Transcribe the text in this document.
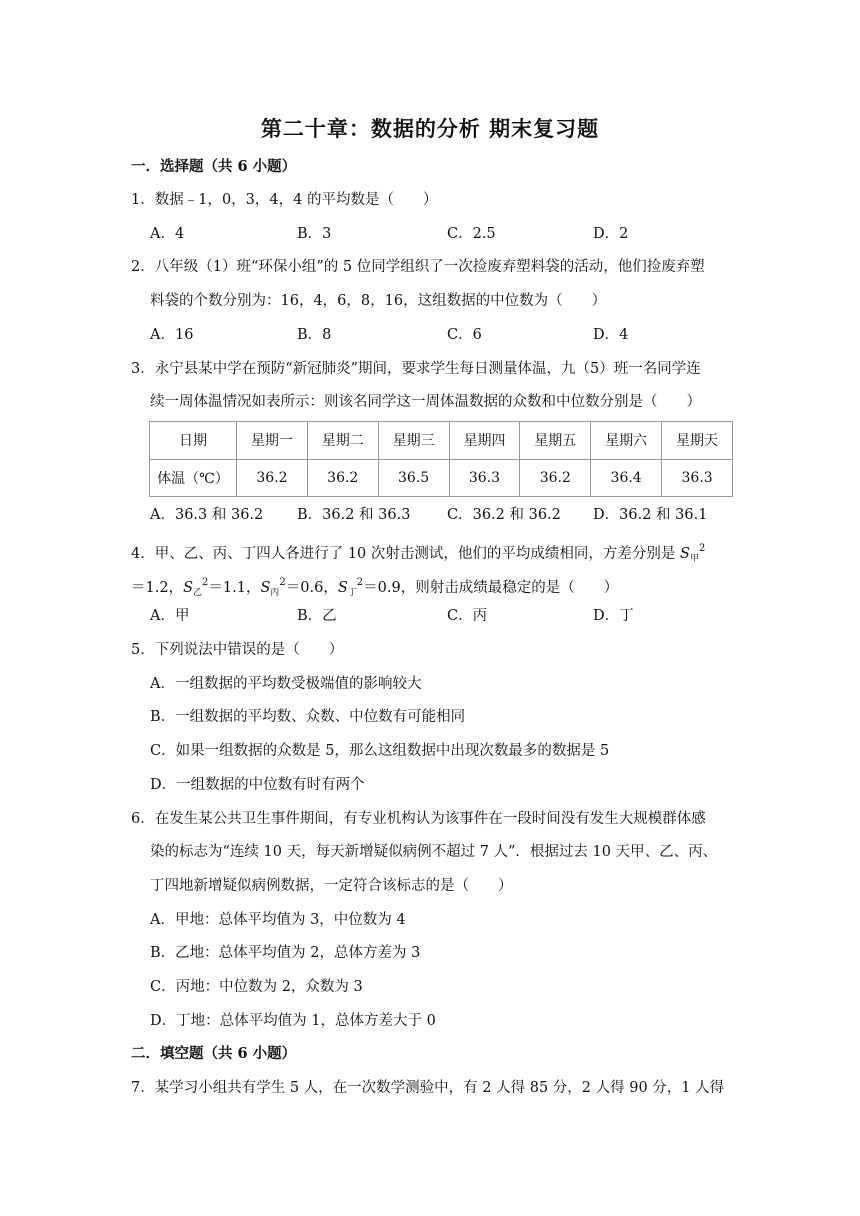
第二十章：数据的分析 期末复习题
一．选择题（共 6 小题）
1．数据﹣1，0，3，4，4 的平均数是（　　）
A．4	B．3	C．2.5	D．2
2．八年级（1）班“环保小组”的 5 位同学组织了一次捡废弃塑料袋的活动，他们捡废弃塑
料袋的个数分别为：16，4，6，8，16，这组数据的中位数为（　　）
A．16	B．8	C．6	D．4
3．永宁县某中学在预防“新冠肺炎”期间，要求学生每日测量体温，九（5）班一名同学连
续一周体温情况如表所示：则该名同学这一周体温数据的众数和中位数分别是（　　）
日期	星期一	星期二	星期三	星期四	星期五	星期六	星期天
体温（℃）	36.2	36.2	36.5	36.3	36.2	36.4	36.3
A．36.3 和 36.2 B．36.2 和 36.3	C．36.2 和 36.2 D．36.2 和 36.1
4．甲、乙、丙、丁四人各进行了 10 次射击测试，他们的平均成绩相同，方差分别是 $S_甲^2$
＝1.2，$S_乙^2=1.1$，$S_丙^2=0.6$，$S_丁^2=0.9$，则射击成绩最稳定的是（　　）
A．甲	B．乙	C．丙	D．丁
5．下列说法中错误的是（　　）
A．一组数据的平均数受极端值的影响较大
B．一组数据的平均数、众数、中位数有可能相同
C．如果一组数据的众数是 5，那么这组数据中出现次数最多的数据是 5
D．一组数据的中位数有时有两个
6．在发生某公共卫生事件期间，有专业机构认为该事件在一段时间没有发生大规模群体感
染的标志为“连续 10 天，每天新增疑似病例不超过 7 人”．根据过去 10 天甲、乙、丙、
丁四地新增疑似病例数据，一定符合该标志的是（　　）
A．甲地：总体平均值为 3，中位数为 4
B．乙地：总体平均值为 2，总体方差为 3
C．丙地：中位数为 2，众数为 3
D．丁地：总体平均值为 1，总体方差大于 0
二．填空题（共 6 小题）
7．某学习小组共有学生 5 人，在一次数学测验中，有 2 人得 85 分，2 人得 90 分，1 人得
